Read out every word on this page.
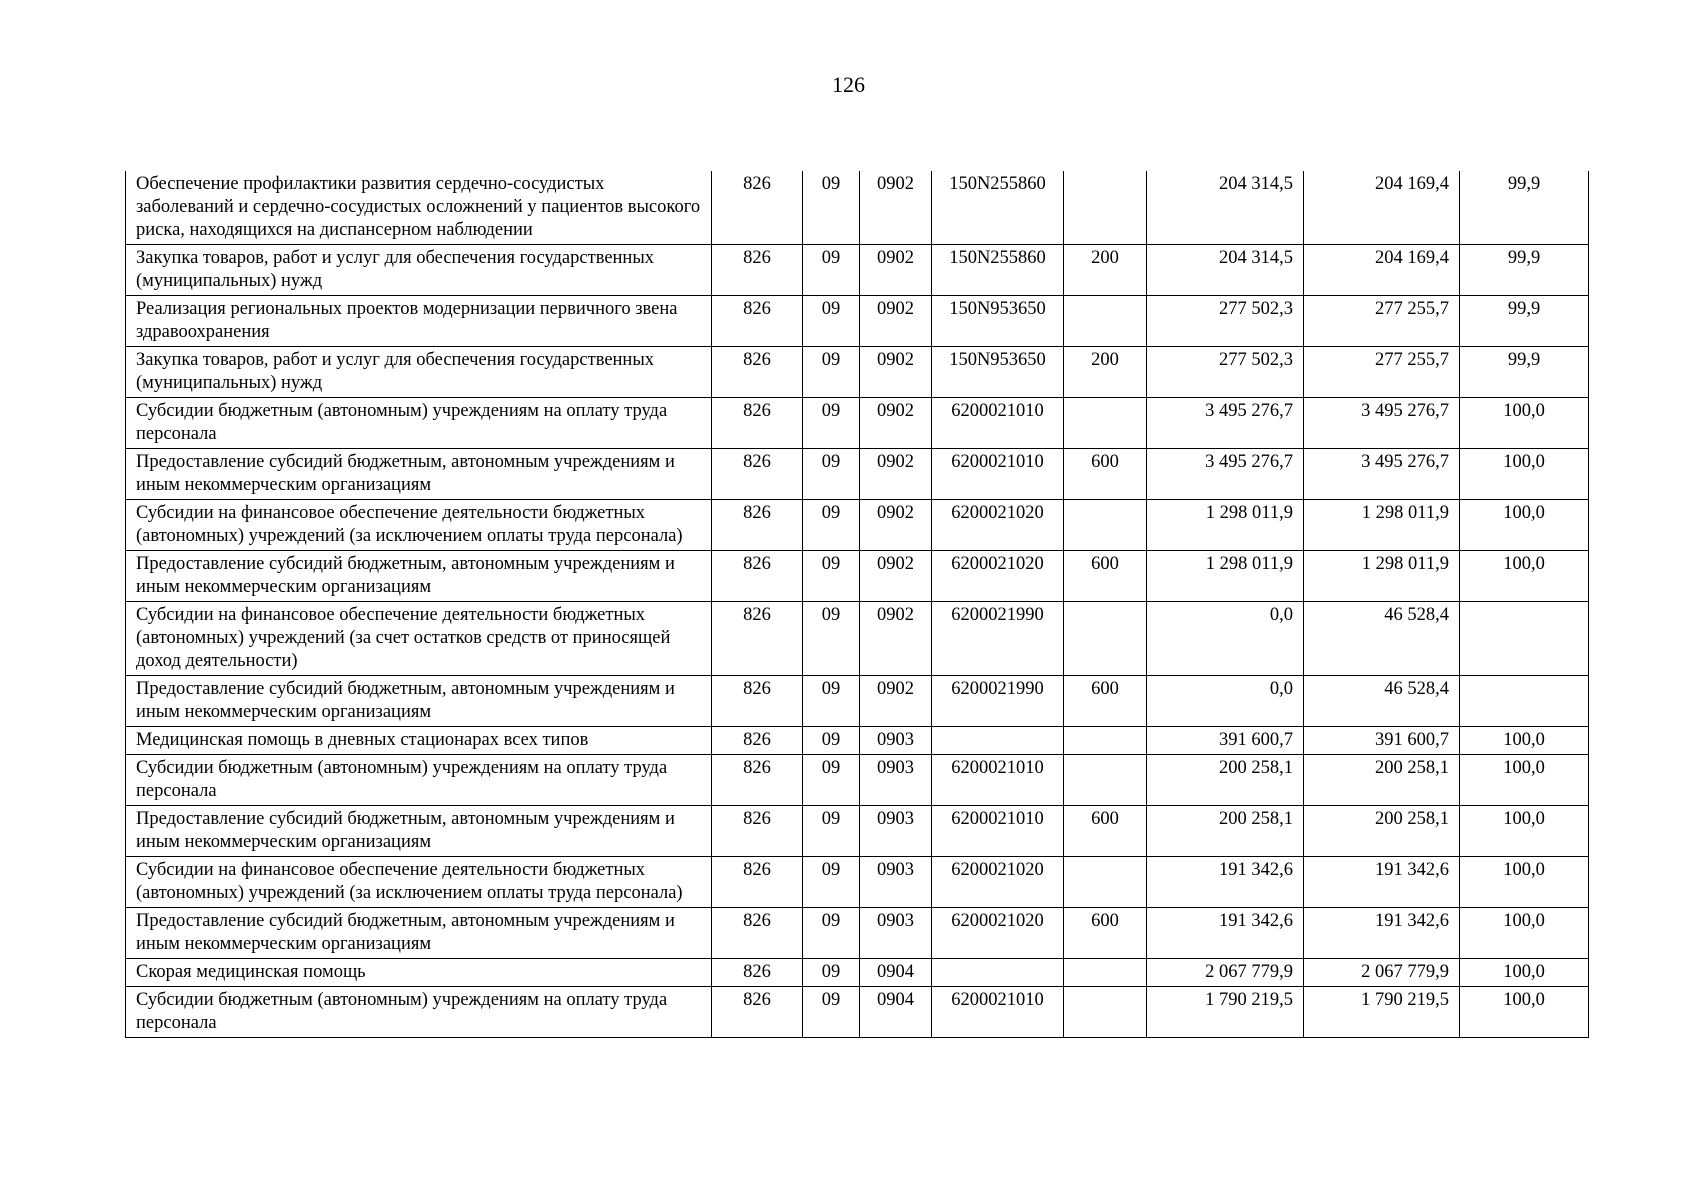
126
Обеспечение профилактики развития сердечно-сосудистых заболеваний и сердечно-сосудистых осложнений у пациентов высокого риска, находящихся на диспансерном наблюдении	826	09	0902	150N255860		204 314,5	204 169,4	99,9
Закупка товаров, работ и услуг для обеспечения государственных (муниципальных) нужд	826	09	0902	150N255860	200	204 314,5	204 169,4	99,9
Реализация региональных проектов модернизации первичного звена здравоохранения	826	09	0902	150N953650		277 502,3	277 255,7	99,9
Закупка товаров, работ и услуг для обеспечения государственных (муниципальных) нужд	826	09	0902	150N953650	200	277 502,3	277 255,7	99,9
Субсидии бюджетным (автономным) учреждениям на оплату труда персонала	826	09	0902	6200021010		3 495 276,7	3 495 276,7	100,0
Предоставление субсидий бюджетным, автономным учреждениям и иным некоммерческим организациям	826	09	0902	6200021010	600	3 495 276,7	3 495 276,7	100,0
Субсидии на финансовое обеспечение деятельности бюджетных (автономных) учреждений (за исключением оплаты труда персонала)	826	09	0902	6200021020		1 298 011,9	1 298 011,9	100,0
Предоставление субсидий бюджетным, автономным учреждениям и иным некоммерческим организациям	826	09	0902	6200021020	600	1 298 011,9	1 298 011,9	100,0
Субсидии на финансовое обеспечение деятельности бюджетных (автономных) учреждений (за счет остатков средств от приносящей доход деятельности)	826	09	0902	6200021990		0,0	46 528,4	
Предоставление субсидий бюджетным, автономным учреждениям и иным некоммерческим организациям	826	09	0902	6200021990	600	0,0	46 528,4	
Медицинская помощь в дневных стационарах всех типов	826	09	0903			391 600,7	391 600,7	100,0
Субсидии бюджетным (автономным) учреждениям на оплату труда персонала	826	09	0903	6200021010		200 258,1	200 258,1	100,0
Предоставление субсидий бюджетным, автономным учреждениям и иным некоммерческим организациям	826	09	0903	6200021010	600	200 258,1	200 258,1	100,0
Субсидии на финансовое обеспечение деятельности бюджетных (автономных) учреждений (за исключением оплаты труда персонала)	826	09	0903	6200021020		191 342,6	191 342,6	100,0
Предоставление субсидий бюджетным, автономным учреждениям и иным некоммерческим организациям	826	09	0903	6200021020	600	191 342,6	191 342,6	100,0
Скорая медицинская помощь	826	09	0904			2 067 779,9	2 067 779,9	100,0
Субсидии бюджетным (автономным) учреждениям на оплату труда персонала	826	09	0904	6200021010		1 790 219,5	1 790 219,5	100,0
